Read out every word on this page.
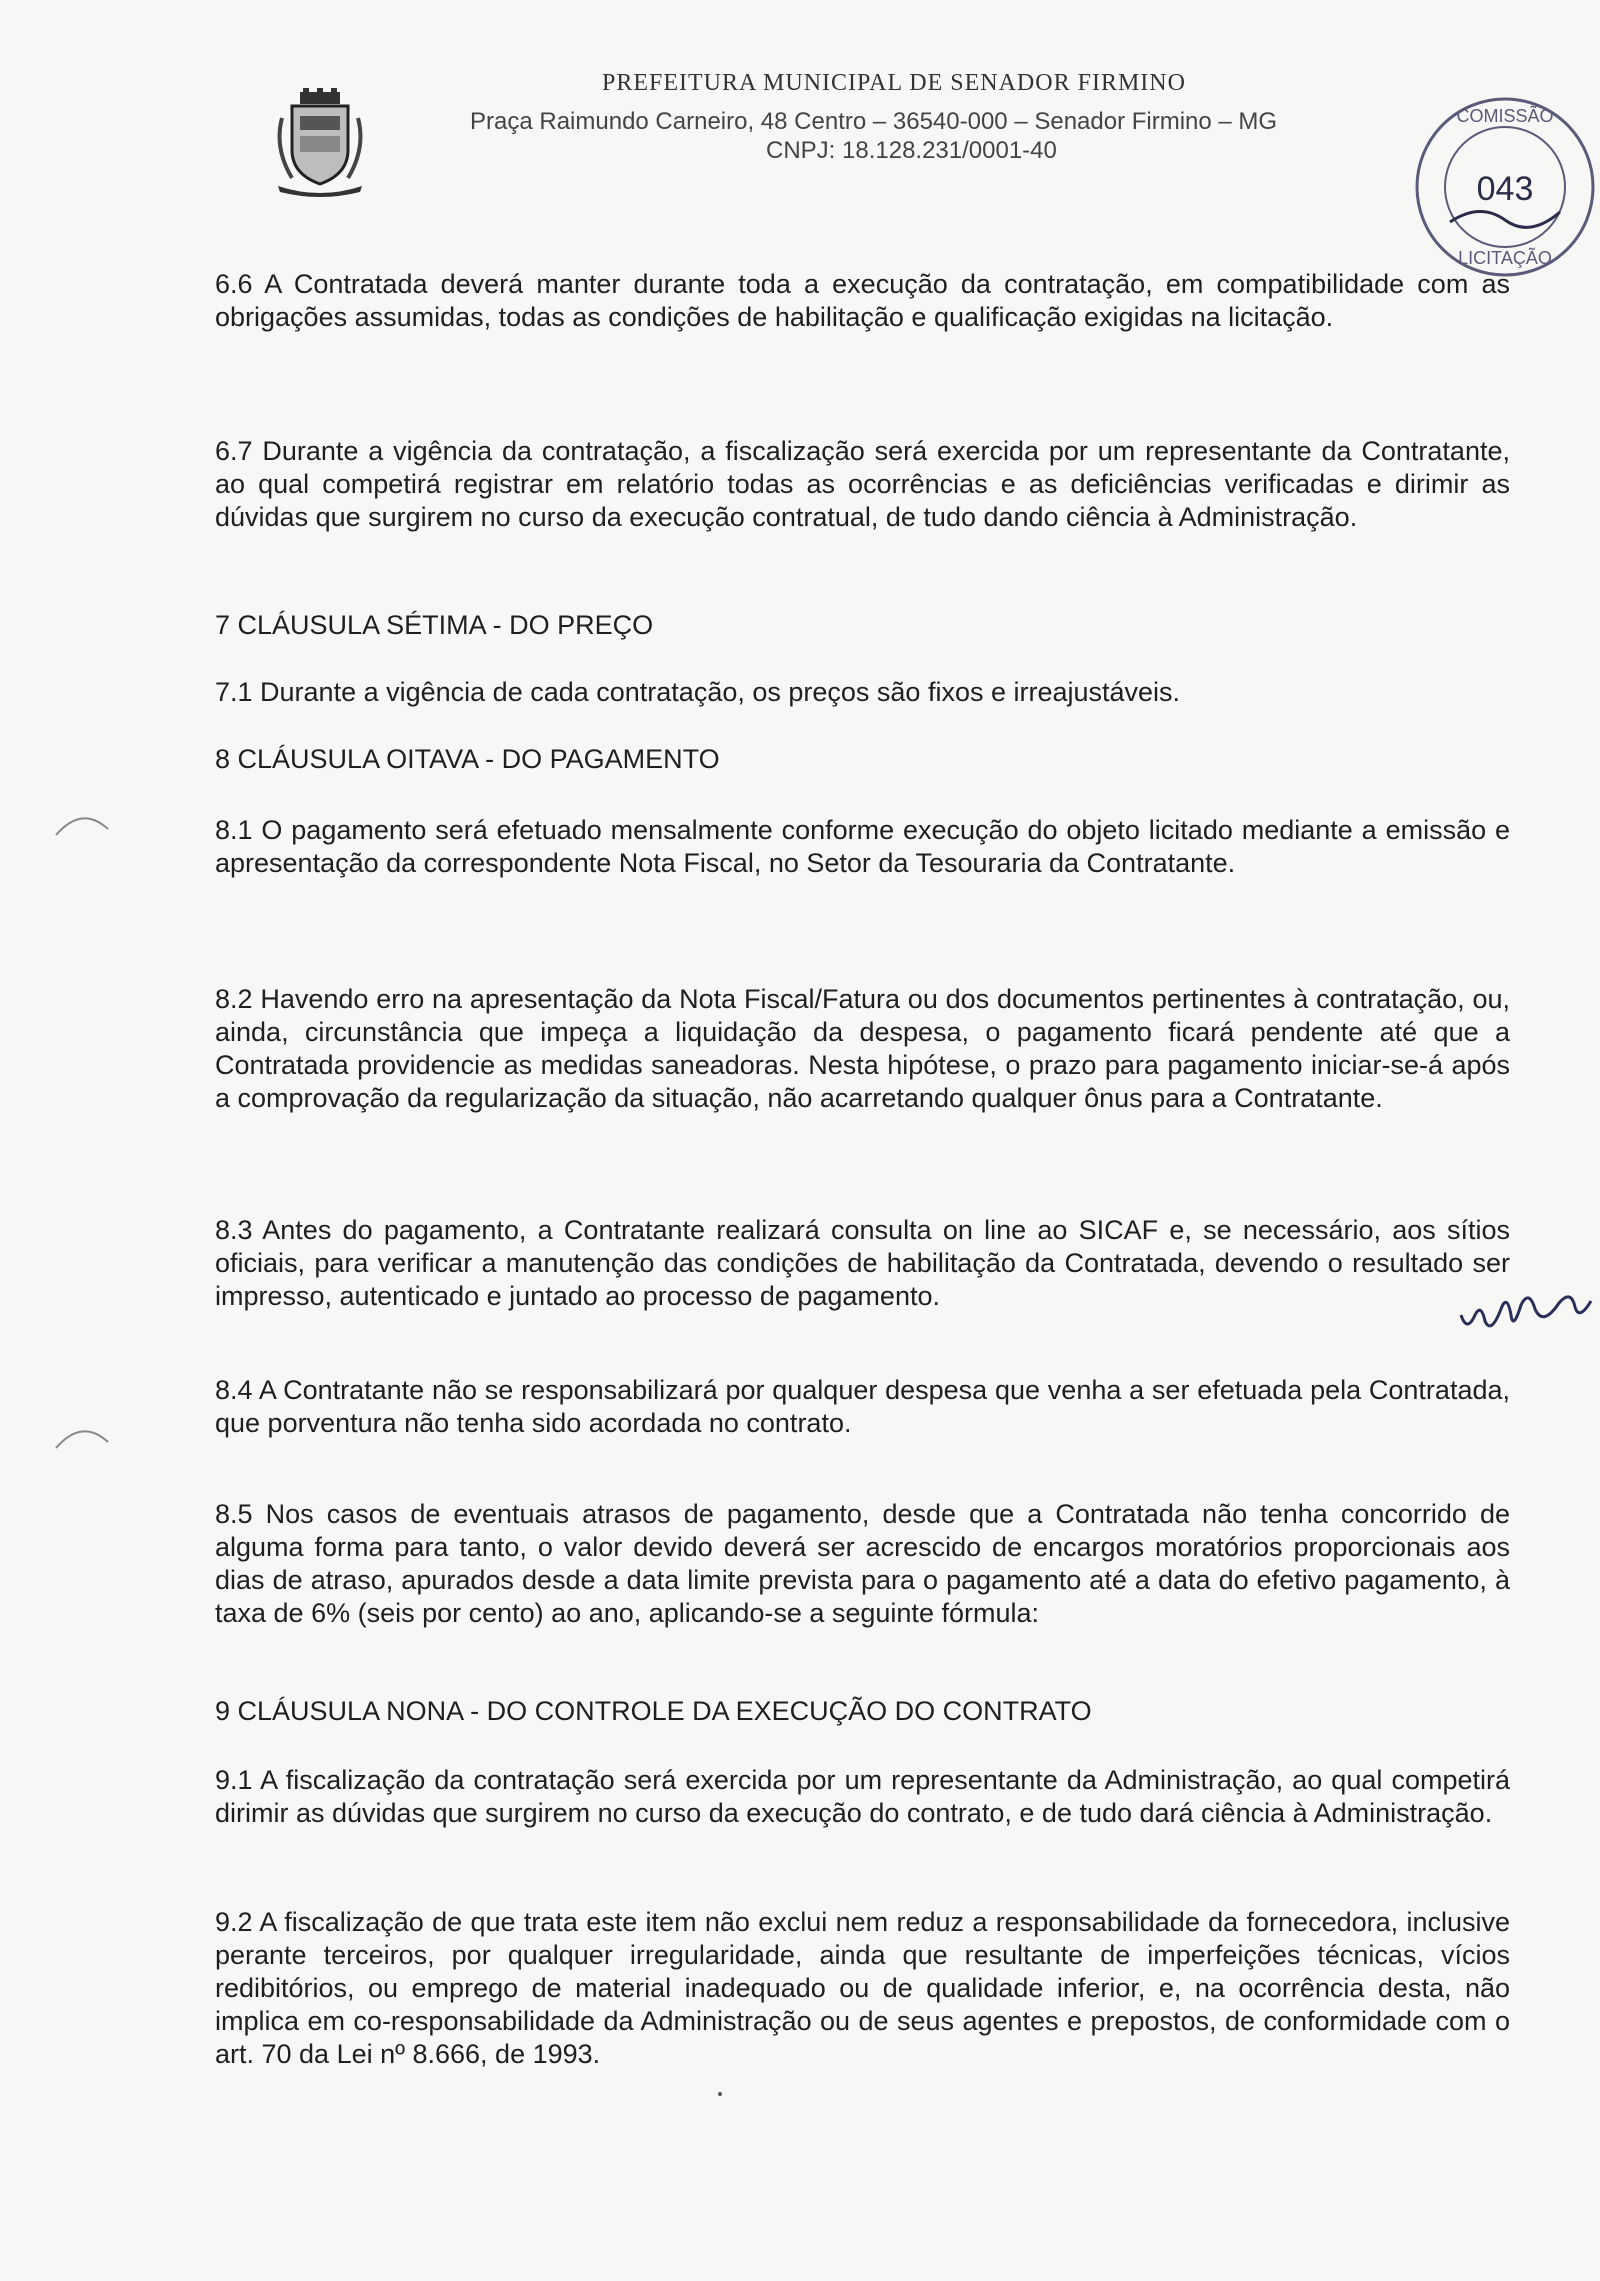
PREFEITURA MUNICIPAL DE SENADOR FIRMINO
Praça Raimundo Carneiro, 48 Centro – 36540-000 – Senador Firmino – MG
CNPJ: 18.128.231/0001-40
COMISSÃO
043
LICITAÇÃO
6.6 A Contratada deverá manter durante toda a execução da contratação, em compatibilidade com as obrigações assumidas, todas as condições de habilitação e qualificação exigidas na licitação.
6.7 Durante a vigência da contratação, a fiscalização será exercida por um representante da Contratante, ao qual competirá registrar em relatório todas as ocorrências e as deficiências verificadas e dirimir as dúvidas que surgirem no curso da execução contratual, de tudo dando ciência à Administração.
7 CLÁUSULA SÉTIMA - DO PREÇO
7.1 Durante a vigência de cada contratação, os preços são fixos e irreajustáveis.
8 CLÁUSULA OITAVA - DO PAGAMENTO
8.1 O pagamento será efetuado mensalmente conforme execução do objeto licitado mediante a emissão e apresentação da correspondente Nota Fiscal, no Setor da Tesouraria da Contratante.
8.2 Havendo erro na apresentação da Nota Fiscal/Fatura ou dos documentos pertinentes à contratação, ou, ainda, circunstância que impeça a liquidação da despesa, o pagamento ficará pendente até que a Contratada providencie as medidas saneadoras. Nesta hipótese, o prazo para pagamento iniciar-se-á após a comprovação da regularização da situação, não acarretando qualquer ônus para a Contratante.
8.3 Antes do pagamento, a Contratante realizará consulta on line ao SICAF e, se necessário, aos sítios oficiais, para verificar a manutenção das condições de habilitação da Contratada, devendo o resultado ser impresso, autenticado e juntado ao processo de pagamento.
8.4 A Contratante não se responsabilizará por qualquer despesa que venha a ser efetuada pela Contratada, que porventura não tenha sido acordada no contrato.
8.5 Nos casos de eventuais atrasos de pagamento, desde que a Contratada não tenha concorrido de alguma forma para tanto, o valor devido deverá ser acrescido de encargos moratórios proporcionais aos dias de atraso, apurados desde a data limite prevista para o pagamento até a data do efetivo pagamento, à taxa de 6% (seis por cento) ao ano, aplicando-se a seguinte fórmula:
9 CLÁUSULA NONA - DO CONTROLE DA EXECUÇÃO DO CONTRATO
9.1 A fiscalização da contratação será exercida por um representante da Administração, ao qual competirá dirimir as dúvidas que surgirem no curso da execução do contrato, e de tudo dará ciência à Administração.
9.2 A fiscalização de que trata este item não exclui nem reduz a responsabilidade da fornecedora, inclusive perante terceiros, por qualquer irregularidade, ainda que resultante de imperfeições técnicas, vícios redibitórios, ou emprego de material inadequado ou de qualidade inferior, e, na ocorrência desta, não implica em co-responsabilidade da Administração ou de seus agentes e prepostos, de conformidade com o art. 70 da Lei nº 8.666, de 1993.
